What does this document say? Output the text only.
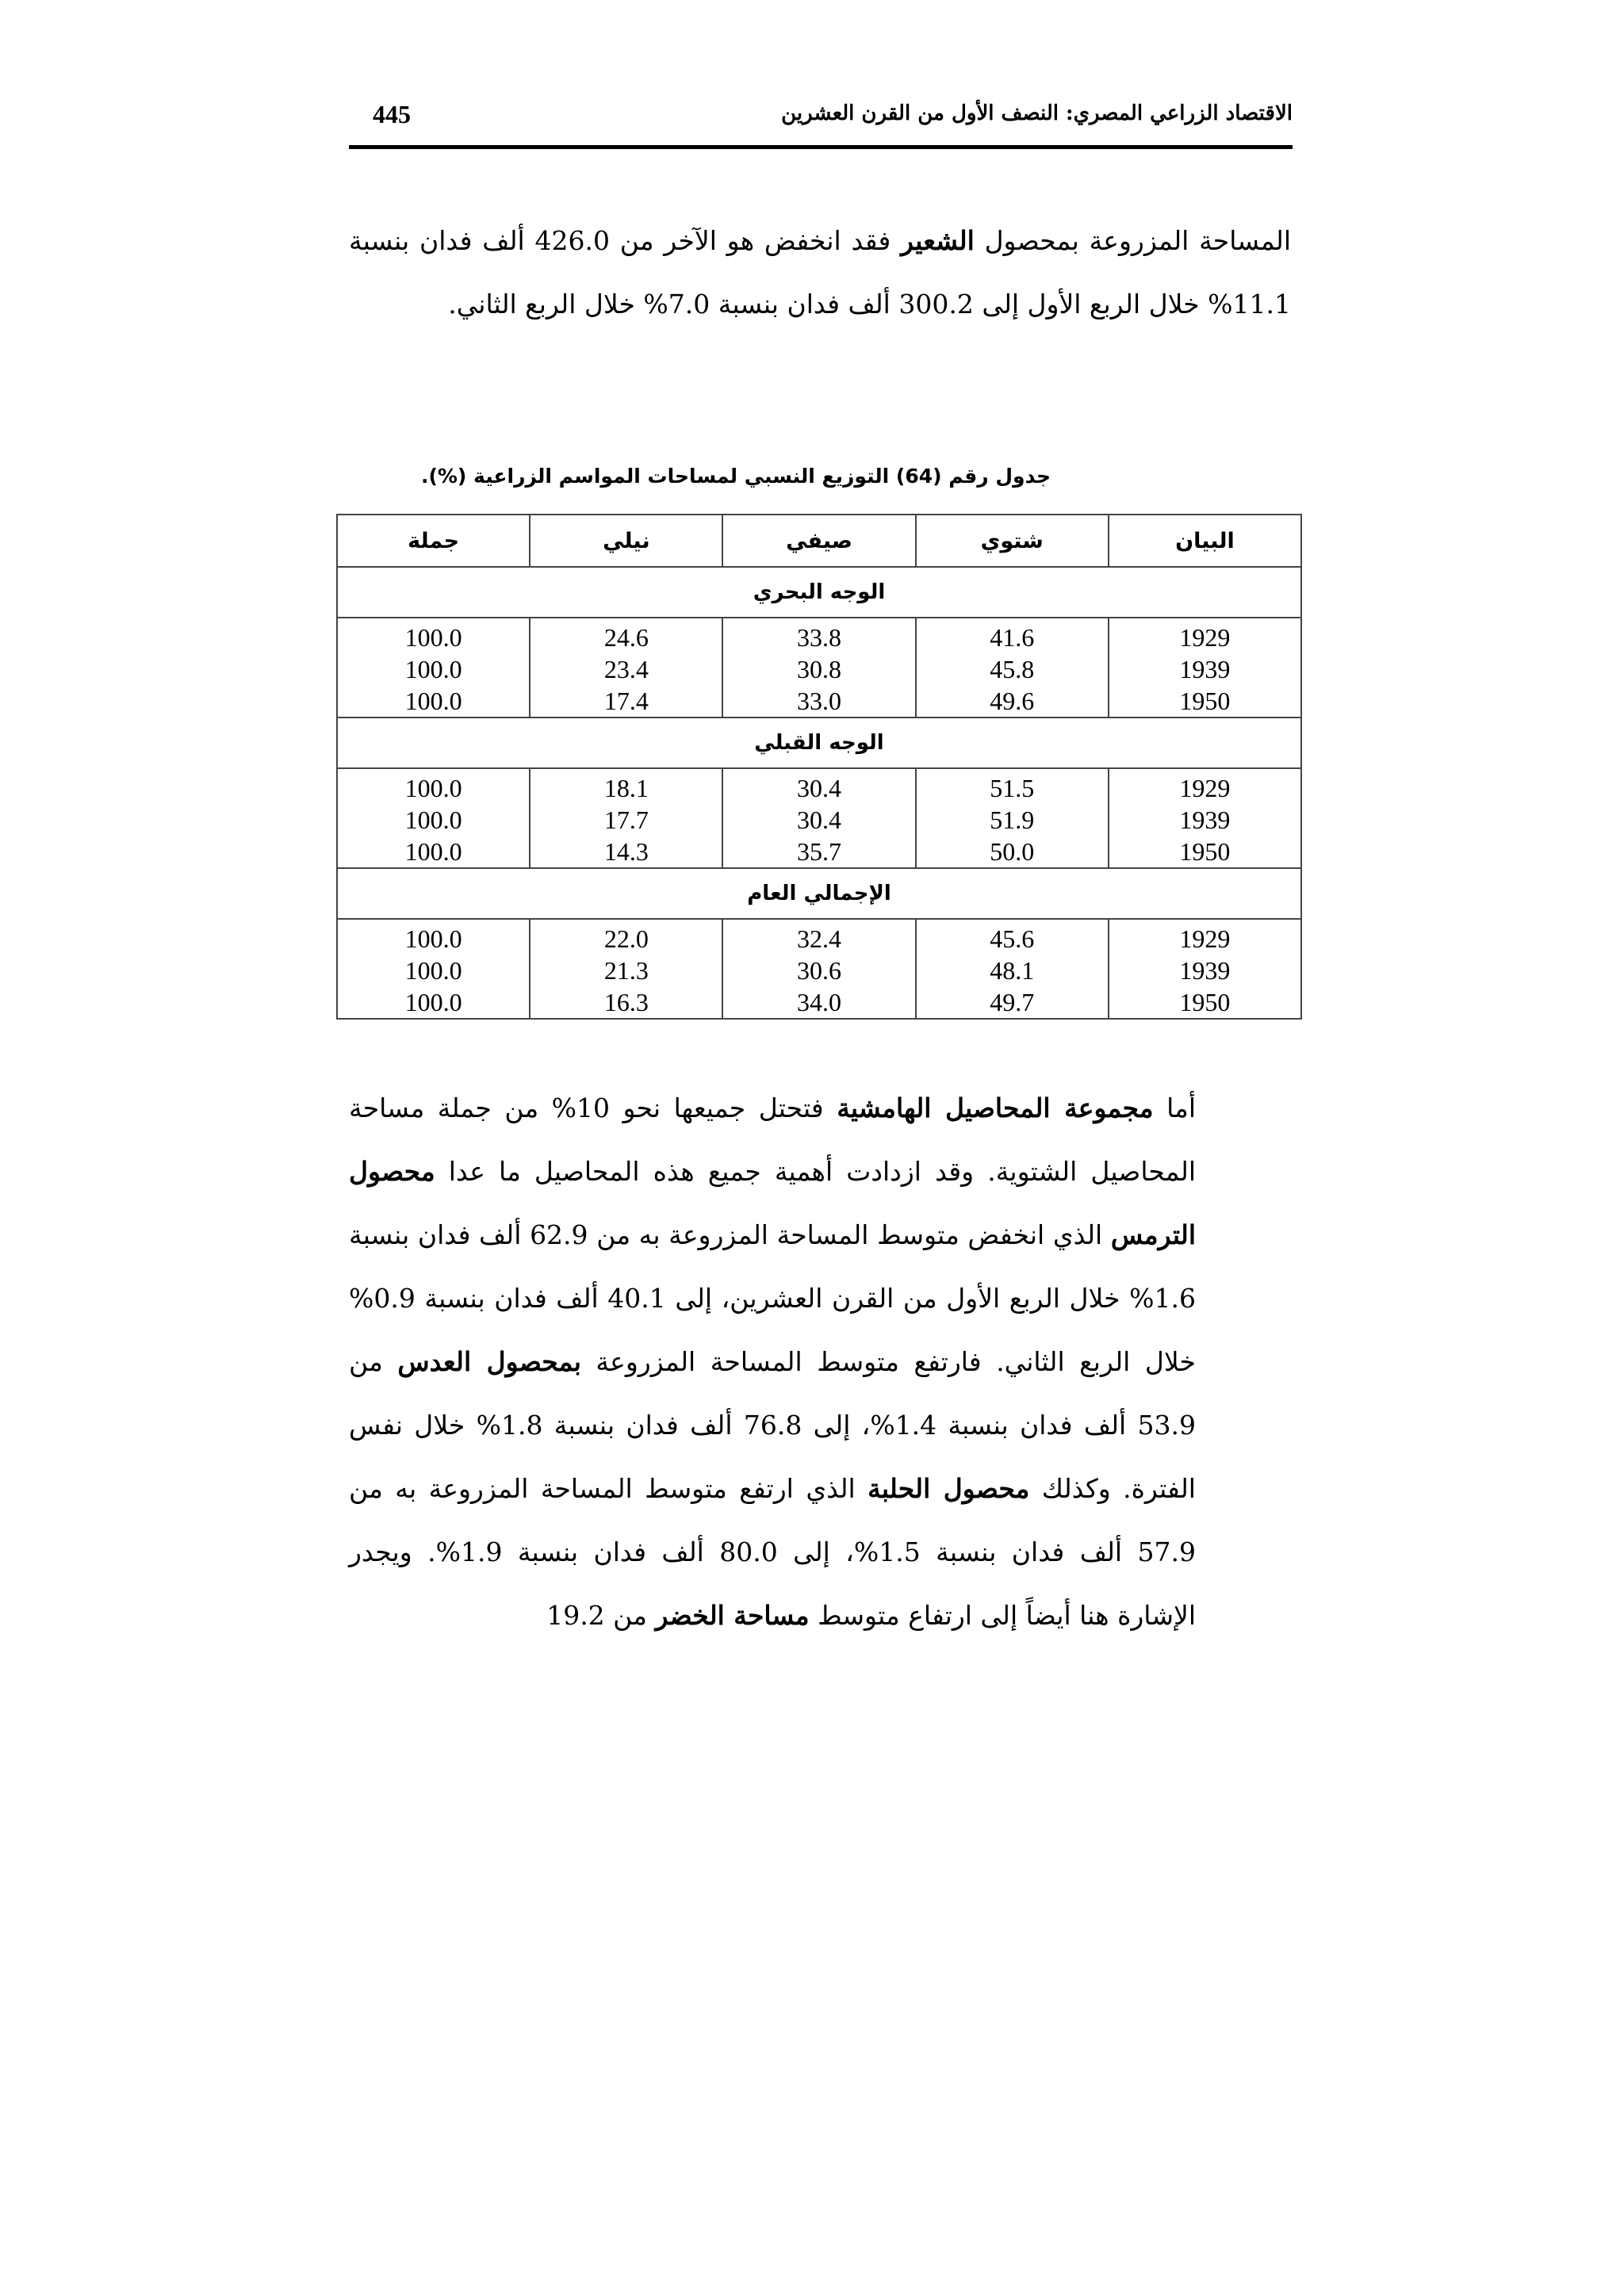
الاقتصاد الزراعي المصري: النصف الأول من القرن العشرين
445

المساحة المزروعة بمحصول الشعير فقد انخفض هو الآخر من 426.0 ألف فدان بنسبة 11.1% خلال الربع الأول إلى 300.2 ألف فدان بنسبة 7.0% خلال الربع الثاني.

جدول رقم (64) التوزيع النسبي لمساحات المواسم الزراعية (%).
البيان	شتوي	صيفي	نيلي	جملة
الوجه البحري				
1929	41.6	33.8	24.6	100.0
1939	45.8	30.8	23.4	100.0
1950	49.6	33.0	17.4	100.0
الوجه القبلي				
1929	51.5	30.4	18.1	100.0
1939	51.9	30.4	17.7	100.0
1950	50.0	35.7	14.3	100.0
الإجمالي العام				
1929	45.6	32.4	22.0	100.0
1939	48.1	30.6	21.3	100.0
1950	49.7	34.0	16.3	100.0

أما مجموعة المحاصيل الهامشية فتحتل جميعها نحو 10% من جملة مساحة المحاصيل الشتوية. وقد ازدادت أهمية جميع هذه المحاصيل ما عدا محصول الترمس الذي انخفض متوسط المساحة المزروعة به من 62.9 ألف فدان بنسبة 1.6% خلال الربع الأول من القرن العشرين، إلى 40.1 ألف فدان بنسبة 0.9% خلال الربع الثاني. فارتفع متوسط المساحة المزروعة بمحصول العدس من 53.9 ألف فدان بنسبة 1.4%، إلى 76.8 ألف فدان بنسبة 1.8% خلال نفس الفترة. وكذلك محصول الحلبة الذي ارتفع متوسط المساحة المزروعة به من 57.9 ألف فدان بنسبة 1.5%، إلى 80.0 ألف فدان بنسبة 1.9%. ويجدر الإشارة هنا أيضاً إلى ارتفاع متوسط مساحة الخضر من 19.2
